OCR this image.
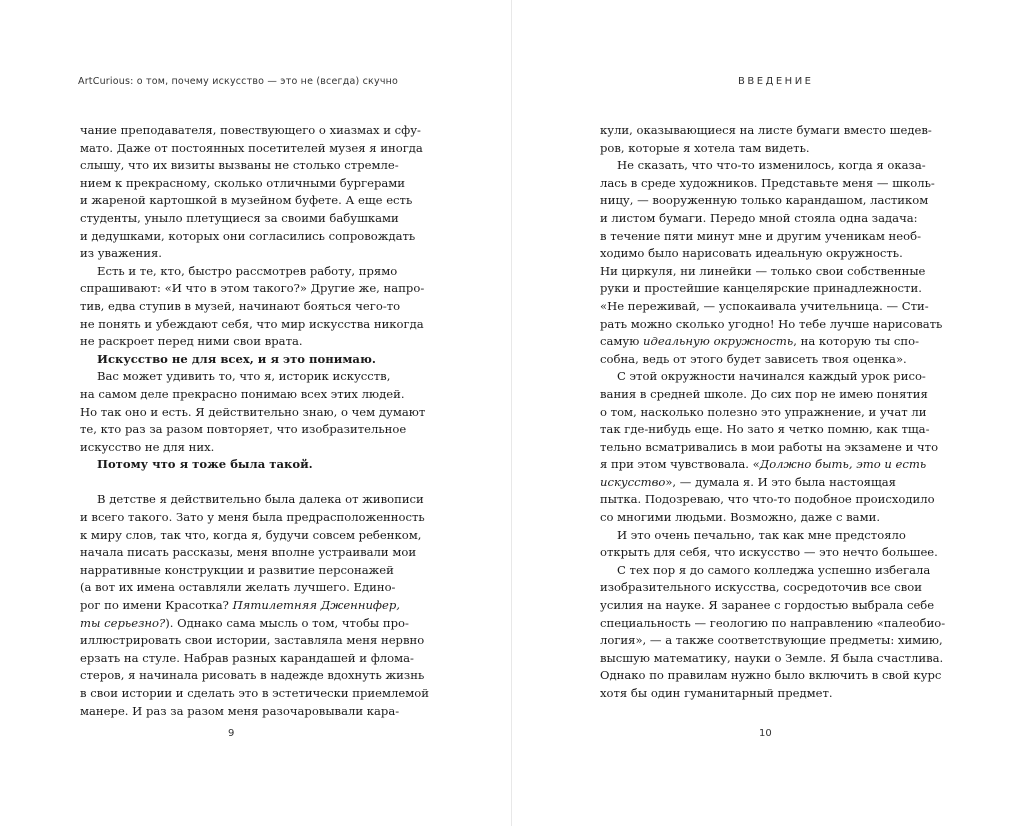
ArtCurious: о том, почему искусство — это не (всегда) скучно
чание преподавателя, повествующего о хиазмах и сфу-
мато. Даже от постоянных посетителей музея я иногда
слышу, что их визиты вызваны не столько стремле-
нием к прекрасному, сколько отличными бургерами
и жареной картошкой в музейном буфете. А еще есть
студенты, уныло плетущиеся за своими бабушками
и дедушками, которых они согласились сопровождать
из уважения.
Есть и те, кто, быстро рассмотрев работу, прямо
спрашивают: «И что в этом такого?» Другие же, напро-
тив, едва ступив в музей, начинают бояться чего-то
не понять и убеждают себя, что мир искусства никогда
не раскроет перед ними свои врата.
Искусство не для всех, и я это понимаю.
Вас может удивить то, что я, историк искусств,
на самом деле прекрасно понимаю всех этих людей.
Но так оно и есть. Я действительно знаю, о чем думают
те, кто раз за разом повторяет, что изобразительное
искусство не для них.
Потому что я тоже была такой.
В детстве я действительно была далека от живописи
и всего такого. Зато у меня была предрасположенность
к миру слов, так что, когда я, будучи совсем ребенком,
начала писать рассказы, меня вполне устраивали мои
нарративные конструкции и развитие персонажей
(а вот их имена оставляли желать лучшего. Едино-
рог по имени Красотка? Пятилетняя Дженнифер,
ты серьезно?). Однако сама мысль о том, чтобы про-
иллюстрировать свои истории, заставляла меня нервно
ерзать на стуле. Набрав разных карандашей и флома-
стеров, я начинала рисовать в надежде вдохнуть жизнь
в свои истории и сделать это в эстетически приемлемой
манере. И раз за разом меня разочаровывали кара-
9
ВВЕДЕНИЕ
кули, оказывающиеся на листе бумаги вместо шедев-
ров, которые я хотела там видеть.
Не сказать, что что-то изменилось, когда я оказа-
лась в среде художников. Представьте меня — школь-
ницу, — вооруженную только карандашом, ластиком
и листом бумаги. Передо мной стояла одна задача:
в течение пяти минут мне и другим ученикам необ-
ходимо было нарисовать идеальную окружность.
Ни циркуля, ни линейки — только свои собственные
руки и простейшие канцелярские принадлежности.
«Не переживай, — успокаивала учительница. — Сти-
рать можно сколько угодно! Но тебе лучше нарисовать
самую идеальную окружность, на которую ты спо-
собна, ведь от этого будет зависеть твоя оценка».
С этой окружности начинался каждый урок рисо-
вания в средней школе. До сих пор не имею понятия
о том, насколько полезно это упражнение, и учат ли
так где-нибудь еще. Но зато я четко помню, как тща-
тельно всматривались в мои работы на экзамене и что
я при этом чувствовала. «Должно быть, это и есть
искусство», — думала я. И это была настоящая
пытка. Подозреваю, что что-то подобное происходило
со многими людьми. Возможно, даже с вами.
И это очень печально, так как мне предстояло
открыть для себя, что искусство — это нечто большее.
С тех пор я до самого колледжа успешно избегала
изобразительного искусства, сосредоточив все свои
усилия на науке. Я заранее с гордостью выбрала себе
специальность — геологию по направлению «палеобио-
логия», — а также соответствующие предметы: химию,
высшую математику, науки о Земле. Я была счастлива.
Однако по правилам нужно было включить в свой курс
хотя бы один гуманитарный предмет.
10
